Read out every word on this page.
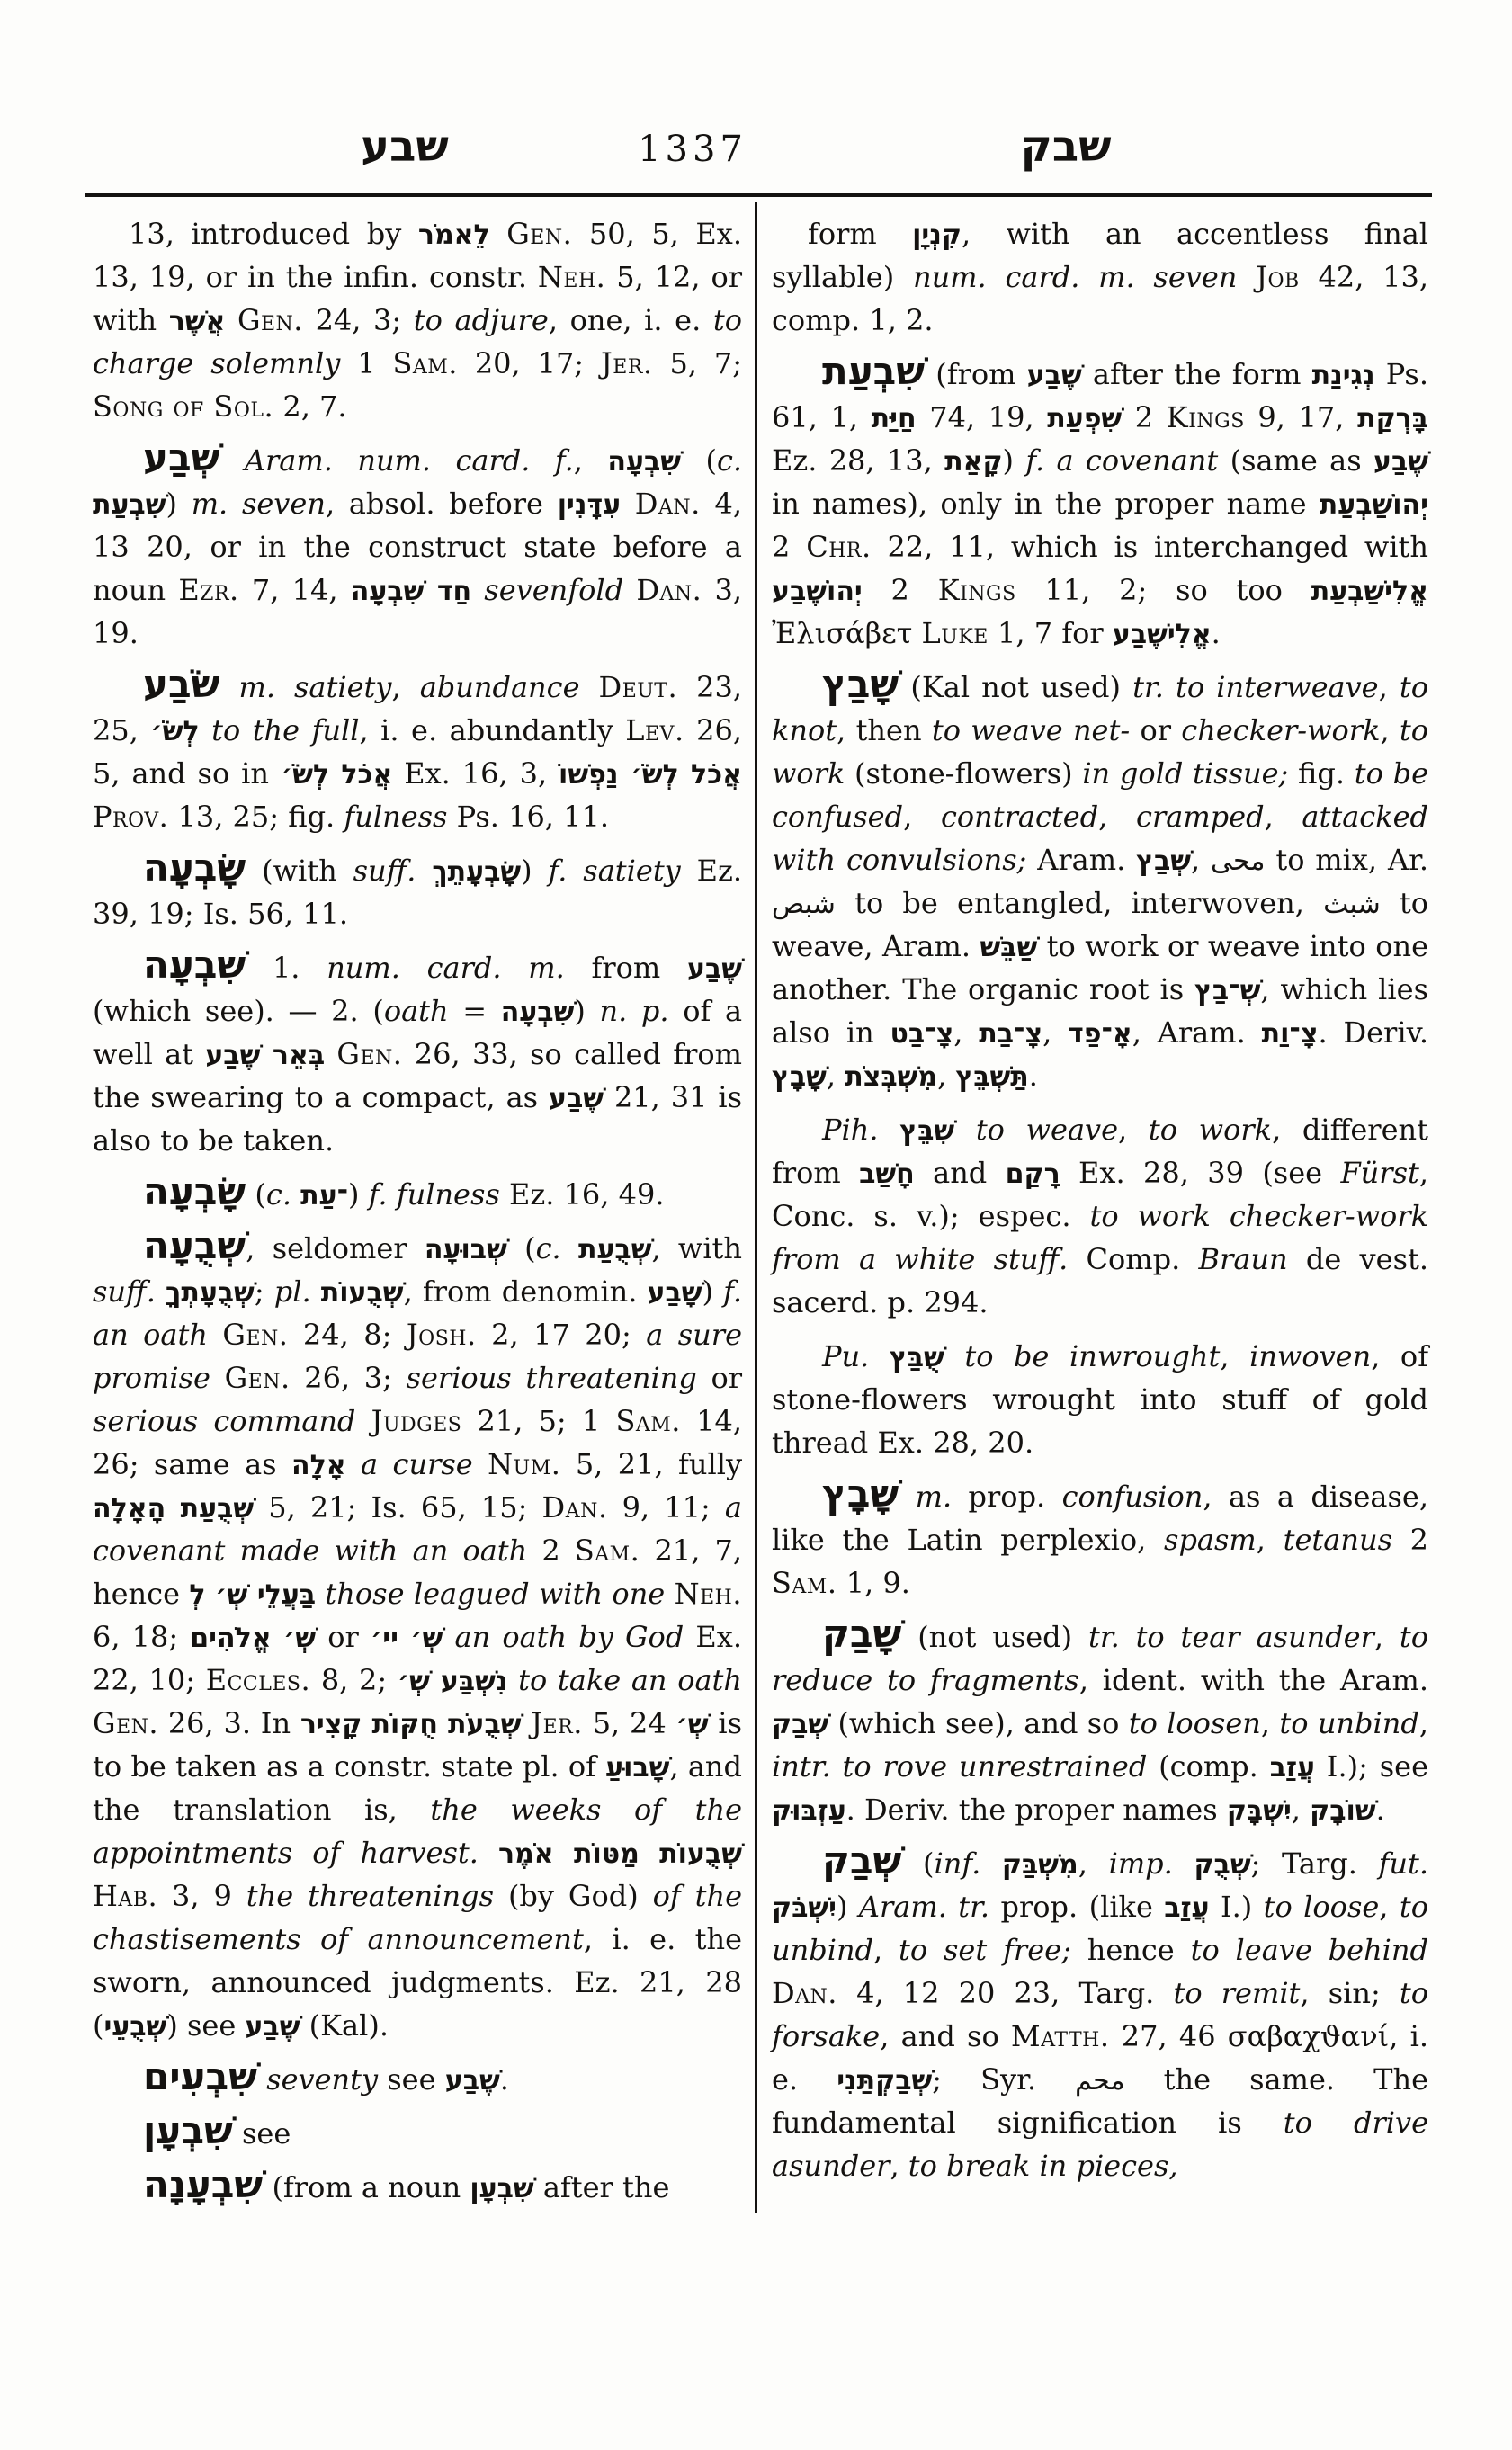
שבע	1337	שבק

13, introduced by לֵאמֹר Gen. 50, 5, Ex. 13, 19, or in the infin. constr. Neh. 5, 12, or with אֲשֶׁר Gen. 24, 3; to adjure, one, i. e. to charge solemnly 1 Sam. 20, 17; Jer. 5, 7; Song of Sol. 2, 7.

שְׁבַע Aram. num. card. f., שִׁבְעָה (c. שִׁבְעַת) m. seven, absol. before עִדָּנִין Dan. 4, 13 20, or in the construct state before a noun Ezr. 7, 14, חַד שִׁבְעָה sevenfold Dan. 3, 19.

שֹׂבַע m. satiety, abundance Deut. 23, 25, לְשֹׂ׳ to the full, i. e. abundantly Lev. 26, 5, and so in אֲכֹל לְשֹׂ׳ Ex. 16, 3, אֲכֹל לְשֹׂ׳ נַפְשׁוֹ Prov. 13, 25; fig. fulness Ps. 16, 11.

שָׂבְעָה (with suff. שָׂבְעָתֵךְ) f. satiety Ez. 39, 19; Is. 56, 11.

שִׁבְעָה 1. num. card. m. from שֶׁבַע (which see). — 2. (oath = שִׁבְעָה) n. p. of a well at בְּאֵר שֶׁבַע Gen. 26, 33, so called from the swearing to a compact, as שֶׁבַע 21, 31 is also to be taken.

שָׂבְעָה (c. ־עַת) f. fulness Ez. 16, 49.

שְׁבֻעָה, seldomer שְׁבוּעָה (c. שְׁבֻעַת, with suff. שְׁבֻעָתְךָ; pl. שְׁבֻעוֹת, from denomin. שָׁבַע) f. an oath Gen. 24, 8; Josh. 2, 17 20; a sure promise Gen. 26, 3; serious threatening or serious command Judges 21, 5; 1 Sam. 14, 26; same as אָלָה a curse Num. 5, 21, fully שְׁבֻעַת הָאָלָה 5, 21; Is. 65, 15; Dan. 9, 11; a covenant made with an oath 2 Sam. 21, 7, hence בַּעֲלֵי שְׁ׳ לְ those leagued with one Neh. 6, 18; שְׁ׳ אֱלֹהִים or שְׁ׳ יי׳ an oath by God Ex. 22, 10; Eccles. 8, 2; נִשְׁבַּע שְׁ׳ to take an oath Gen. 26, 3. In שְׁבֻעֹת חֻקּוֹת קָצִיר Jer. 5, 24 שְׁ׳ is to be taken as a constr. state pl. of שָׁבוּעַ, and the translation is, the weeks of the appointments of harvest. שְׁבֻעוֹת מַטּוֹת אֹמֶר Hab. 3, 9 the threatenings (by God) of the chastisements of announcement, i. e. the sworn, announced judgments. Ez. 21, 28 (שְׁבֻעֵי) see שֶׁבַע (Kal).

שִׁבְעִים seventy see שֶׁבַע.

שִׁבְעָן see

שִׁבְעָנָה (from a noun שִׁבְעָן after the

form קִנְיָן, with an accentless final syllable) num. card. m. seven Job 42, 13, comp. 1, 2.

שִׁבְעַת (from שֶׁבַע after the form נְגִינַת Ps. 61, 1, חַיַּת 74, 19, שִׁפְעַת 2 Kings 9, 17, בָּרְקַת Ez. 28, 13, קָאַת) f. a covenant (same as שֶׁבַע in names), only in the proper name יְהוֹשַׁבְעַת 2 Chr. 22, 11, which is interchanged with יְהוֹשֶׁבַע 2 Kings 11, 2; so too אֱלִישַׁבְעַת Ἐλισάβετ Luke 1, 7 for אֱלִישֶׁבַע.

שָׁבַץ (Kal not used) tr. to interweave, to knot, then to weave net- or checker-work, to work (stone-flowers) in gold tissue; fig. to be confused, contracted, cramped, attacked with convulsions; Aram. שְׁבַץ, محى to mix, Ar. شبص to be entangled, interwoven, شبث to weave, Aram. שַׁבֵּשׁ to work or weave into one another. The organic root is שְׁ־בַץ, which lies also in צָ־בַט, צָ־בַת, אָ־פַד, Aram. צָ־וַת. Deriv. שָׁבָץ, מִשְׁבְּצֹת, תַּשְׁבֵּץ.

Pih. שִׁבֵּץ to weave, to work, different from חָשַׁב and רָקַם Ex. 28, 39 (see Fürst, Conc. s. v.); espec. to work checker-work from a white stuff. Comp. Braun de vest. sacerd. p. 294.

Pu. שֻׁבַּץ to be inwrought, inwoven, of stone-flowers wrought into stuff of gold thread Ex. 28, 20.

שָׁבָץ m. prop. confusion, as a disease, like the Latin perplexio, spasm, tetanus 2 Sam. 1, 9.

שָׁבַק (not used) tr. to tear asunder, to reduce to fragments, ident. with the Aram. שְׁבַק (which see), and so to loosen, to unbind, intr. to rove unrestrained (comp. עֲזַב I.); see עַזְבּוּק. Deriv. the proper names יִשְׁבָּק, שׁוֹבָק.

שְׁבַק (inf. מִשְׁבַּק, imp. שְׁבֻק; Targ. fut. יִשְׁבֹּק) Aram. tr. prop. (like עֲזַב I.) to loose, to unbind, to set free; hence to leave behind Dan. 4, 12 20 23, Targ. to remit, sin; to forsake, and so Matth. 27, 46 σαβαχϑανί, i. e. שְׁבַקְתַּנִי; Syr. محم the same. The fundamental signification is to drive asunder, to break in pieces,
